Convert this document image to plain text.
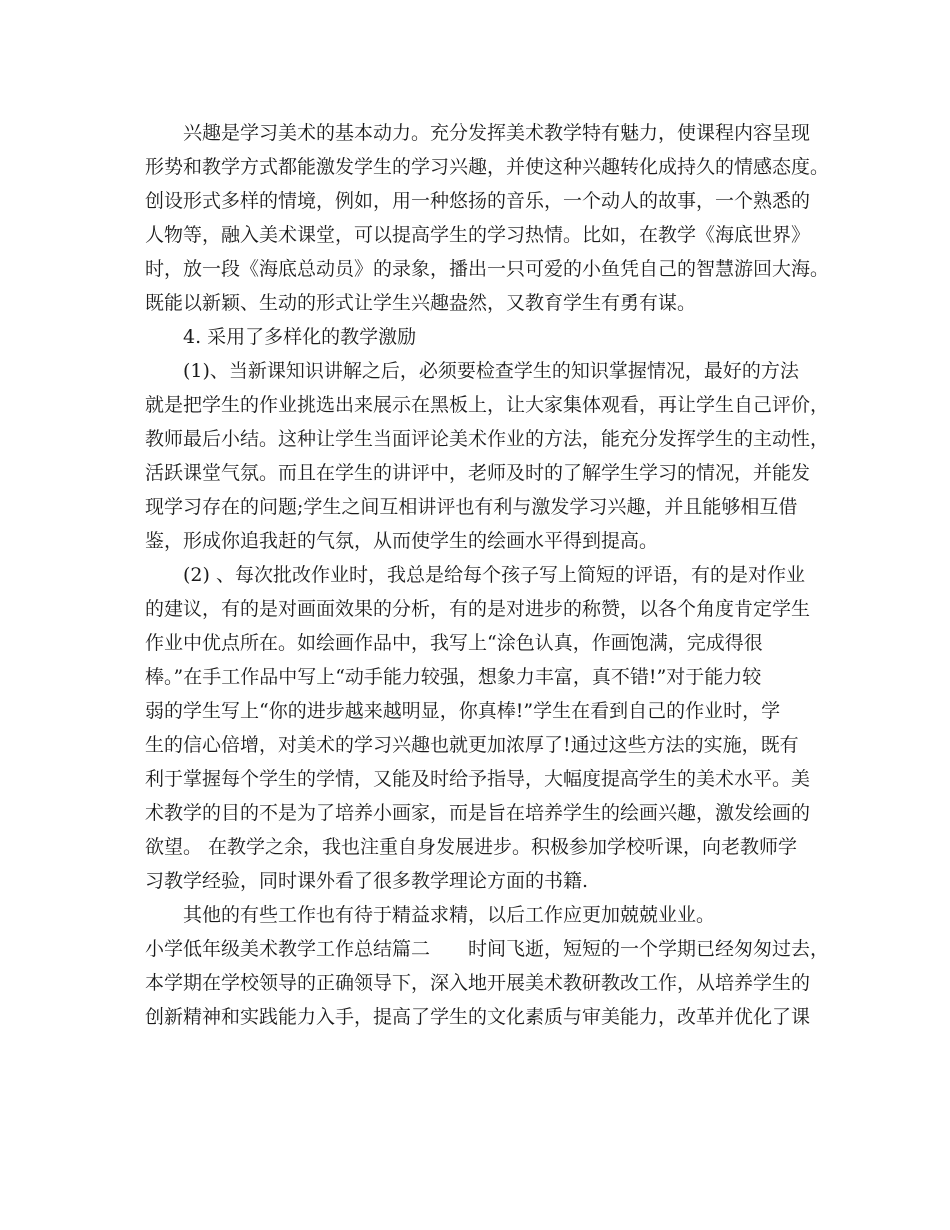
兴趣是学习美术的基本动力。充分发挥美术教学特有魅力，使课程内容呈现
形势和教学方式都能激发学生的学习兴趣，并使这种兴趣转化成持久的情感态度。
创设形式多样的情境，例如，用一种悠扬的音乐，一个动人的故事，一个熟悉的
人物等，融入美术课堂，可以提高学生的学习热情。比如，在教学《海底世界》
时，放一段《海底总动员》的录象，播出一只可爱的小鱼凭自己的智慧游回大海。
既能以新颖、生动的形式让学生兴趣盎然，又教育学生有勇有谋。
4. 采用了多样化的教学激励
(1)、当新课知识讲解之后，必须要检查学生的知识掌握情况，最好的方法
就是把学生的作业挑选出来展示在黑板上，让大家集体观看，再让学生自己评价，
教师最后小结。这种让学生当面评论美术作业的方法，能充分发挥学生的主动性，
活跃课堂气氛。而且在学生的讲评中，老师及时的了解学生学习的情况，并能发
现学习存在的问题;学生之间互相讲评也有利与激发学习兴趣，并且能够相互借
鉴，形成你追我赶的气氛，从而使学生的绘画水平得到提高。
(2) 、每次批改作业时，我总是给每个孩子写上简短的评语，有的是对作业
的建议，有的是对画面效果的分析，有的是对进步的称赞，以各个角度肯定学生
作业中优点所在。如绘画作品中，我写上“涂色认真，作画饱满，完成得很
棒。”在手工作品中写上“动手能力较强，想象力丰富，真不错!”对于能力较
弱的学生写上“你的进步越来越明显，你真棒!”学生在看到自己的作业时，学
生的信心倍增，对美术的学习兴趣也就更加浓厚了!通过这些方法的实施，既有
利于掌握每个学生的学情，又能及时给予指导，大幅度提高学生的美术水平。美
术教学的目的不是为了培养小画家，而是旨在培养学生的绘画兴趣，激发绘画的
欲望。 在教学之余，我也注重自身发展进步。积极参加学校听课，向老教师学
习教学经验，同时课外看了很多教学理论方面的书籍.
其他的有些工作也有待于精益求精，以后工作应更加兢兢业业。
小学低年级美术教学工作总结篇二　　时间飞逝，短短的一个学期已经匆匆过去，
本学期在学校领导的正确领导下，深入地开展美术教研教改工作，从培养学生的
创新精神和实践能力入手，提高了学生的文化素质与审美能力，改革并优化了课
